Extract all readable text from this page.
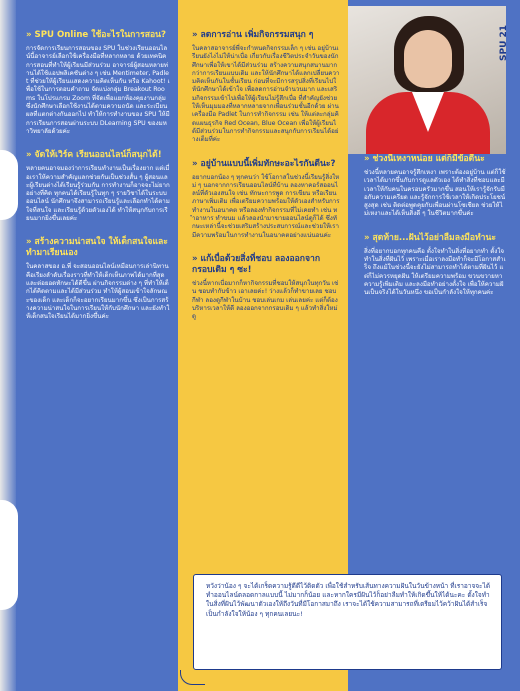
» SPU Online ใช้อะไรในการสอน?

การจัดการเรียนการสอนของ SPU ในช่วงเรียนออนไลน์นี้อาจารย์เลือกใช้เครื่องมือที่หลากหลาย ด้วยเทคนิคการสอนที่ทำให้ผู้เรียนมีส่วนร่วม อาจารย์ผู้สอนหลายท่านได้ใช้แอปพลิเคชันต่าง ๆ เช่น Mentimeter, Padlet ที่ช่วยให้ผู้เรียนแสดงความคิดเห็นกัน หรือ Kahoot! เพื่อใช้ในการตอบคำถาม จัดแบ่งกลุ่ม Breakout Rooms ในโปรแกรม Zoom ที่จัดเพื่อแยกห้องคุยงานกลุ่ม ซึ่งนักศึกษาเลือกใช้งานได้ตามความถนัด และระเบียนผลที่แตกต่างกันออกไป ทำให้การทำงานของ SPU ให้มีการเรียนการสอนผ่านระบบ DLearning SPU ของมหาวิทยาลัยด้วยค่ะ

» จัดให้เวิร์ค เรียนออนไลน์ก็สนุกได้!

หลายคนอาจมองว่าการเรียนทำงานเป็นเรื่องยาก แต่เมื่อเราให้ความสำคัญแลกช่วยกันเป็นช่วงสั้น ๆ ผู้สอนและผู้เรียนต่างได้เรียนรู้ร่วมกัน การทำงานก็อาจจะไม่ยากอย่างที่คิด ทุกคนได้เรียนรู้ในทุก ๆ รายวิชาได้ในระบบออนไลน์ นักศึกษาจึงสามารถเรียนรู้และเลือกทำได้ตามใจที่สนใจ และเรียนรู้ด้วยตัวเองได้ ทำให้สนุกกับการเรียนมากยิ่งขึ้นเลยค่ะ

» สร้างความน่าสนใจ ให้เด็กสนใจและทำมาเรียนเอง

ในคลาสของ อ.พี่ จะสอนออนไลน์เหมือนการเล่านิทาน คือเรียงลำดับเรื่องราวที่ทำให้เด็กเห็นภาพได้มากที่สุด และต่อยอดทักษะได้ดีขึ้น ผ่านกิจกรรมต่าง ๆ ที่ทำให้เด็กได้คิดตามและได้มีส่วนร่วม ทำให้ผู้สอนเข้าใจลักษณะของเด็ก และเด็กก็จะอยากเรียนมากขึ้น ซึ่งเป็นการสร้างความน่าสนใจในการเรียนให้กับนักศึกษา และยังทำให้เด็กสนใจเรียนได้มากยิ่งขึ้นค่ะ

» ลดการอ่าน เพิ่มกิจกรรมสนุก ๆ

ในคลาสอาจารย์พี่จะกำหนดกิจกรรมเล็ก ๆ เช่น อยู่บ้านเรียนยังไงไม่ให้น่าเบื่อ เกี่ยวกับเรื่องชีวิตประจำวันของนักศึกษาเพื่อให้เขาได้มีส่วนร่วม สร้างความสนุกสนานมากกว่าการเรียนแบบเดิม และให้นักศึกษาได้แลกเปลี่ยนความคิดเห็นกันในชั้นเรียน ก่อนที่จะมีการสรุปสิ่งที่เรียนไปให้นักศึกษาได้เข้าใจ เพื่อลดการอ่านจำนวนมาก และเสริมกิจกรรมเข้าไปเพื่อให้ผู้เรียนไม่รู้สึกเบื่อ ที่สำคัญยังช่วยให้เห็นมุมมองที่หลากหลายจากเพื่อนร่วมชั้นอีกด้วย ผ่านเครื่องมือ Padlet ในการทำกิจกรรม เช่น ให้แต่ละกลุ่มคิดแผนธุรกิจ Red Ocean, Blue Ocean เพื่อให้ผู้เรียนได้มีส่วนร่วมในการทำกิจกรรมและสนุกกับการเรียนได้อย่างเต็มที่ค่ะ

» อยู่บ้านแบบนี้เพิ่มทักษะอะไรกันดีนะ?

อยากบอกน้อง ๆ ทุกคนว่า ใช้โอกาสในช่วงนี้เรียนรู้สิ่งใหม่ ๆ นอกจากการเรียนออนไลน์ที่บ้าน ลองหาคอร์สออนไลน์ที่ตัวเองสนใจ เช่น ทักษะการพูด การเขียน หรือเรียนภาษาเพิ่มเติม เพื่อเตรียมความพร้อมให้ตัวเองสำหรับการทำงานในอนาคต หรือลองทำกิจกรรมที่ไม่เคยทำ เช่น ทำอาหาร ทำขนม แล้วลองนำมาขายออนไลน์ดูก็ได้ ซึ่งทักษะเหล่านี้จะช่วยเสริมสร้างประสบการณ์และช่วยให้เรามีความพร้อมในการทำงานในอนาคตอย่างแน่นอนค่ะ

» แก้เบื่อด้วยสิ่งที่ชอบ ลองออกจากกรอบเดิม ๆ ซะ!

ช่วงนี้หากเบื่อมากก็หากิจกรรมที่ชอบให้สนุกในทุกวัน เช่น ชอบทำกับข้าว เอาเลยค่ะ! ว่างแล้วก็ทำขายเลย ชอบกีฬา ลองดูกีฬาในบ้าน ชอบเล่นเกม เล่นเลยค่ะ แต่ก็ต้องบริหารเวลาให้ดี ลองออกจากกรอบเดิม ๆ แล้วทำสิ่งใหม่ดู

» ช่วงนี้เหงาหน่อย แต่ก็มีข้อดีนะ

ช่วงนี้หลายคนอาจรู้สึกเหงา เพราะต้องอยู่บ้าน แต่ก็ใช้เวลาได้มากขึ้นกับการดูแลตัวเอง ได้ทำสิ่งที่ชอบและมีเวลาให้กับคนในครอบครัวมากขึ้น สอนให้เรารู้จักรับมือกับความเครียด และรู้จักการใช้เวลาให้เกิดประโยชน์สูงสุด เช่น ติดต่อพูดคุยกับเพื่อนผ่านโซเชียล ช่วยให้ไม่เหงาและได้เห็นสิ่งดี ๆ ในชีวิตมากขึ้นค่ะ

» สุดท้าย...ฝันไว้อย่าลืมลงมือทำนะ

สิ่งที่อยากบอกทุกคนคือ ตั้งใจทำในสิ่งที่อยากทำ ตั้งใจทำในสิ่งที่ฝันไว้ เพราะเมื่อเราลงมือทำก็จะมีโอกาสสำเร็จ ถึงแม้ในช่วงนี้จะยังไม่สามารถทำได้ตามที่ฝันไว้ แต่ก็ไม่ควรหยุดฝัน ให้เตรียมความพร้อม ขวนขวายหาความรู้เพิ่มเติม และลงมือทำอย่างตั้งใจ เพื่อให้ความฝันเป็นจริงได้ในวันหนึ่ง ขอเป็นกำลังใจให้ทุกคนค่ะ

SPU 21
หวังว่าน้อง ๆ จะได้เกร็ดความรู้ดีดีไว้ติดตัว เพื่อใช้สำหรับเส้นทางความฝันในวันข้างหน้า ที่เราอาจจะได้ทำออนไลน์ตลอดกาลแบบนี้ ไม่มากก็น้อย และหากใครมีฝันไว้ก็อย่าลืมทำให้เกิดขึ้นให้ได้นะคะ ตั้งใจทำในสิ่งที่ฝันไว้พัฒนาตัวเองให้ถึงวันที่มีโอกาสมาถึง เราจะได้ใช้ความสามารถที่เตรียมไว้คว้าฝันได้สำเร็จ เป็นกำลังใจให้น้อง ๆ ทุกคนเลยนะ!
